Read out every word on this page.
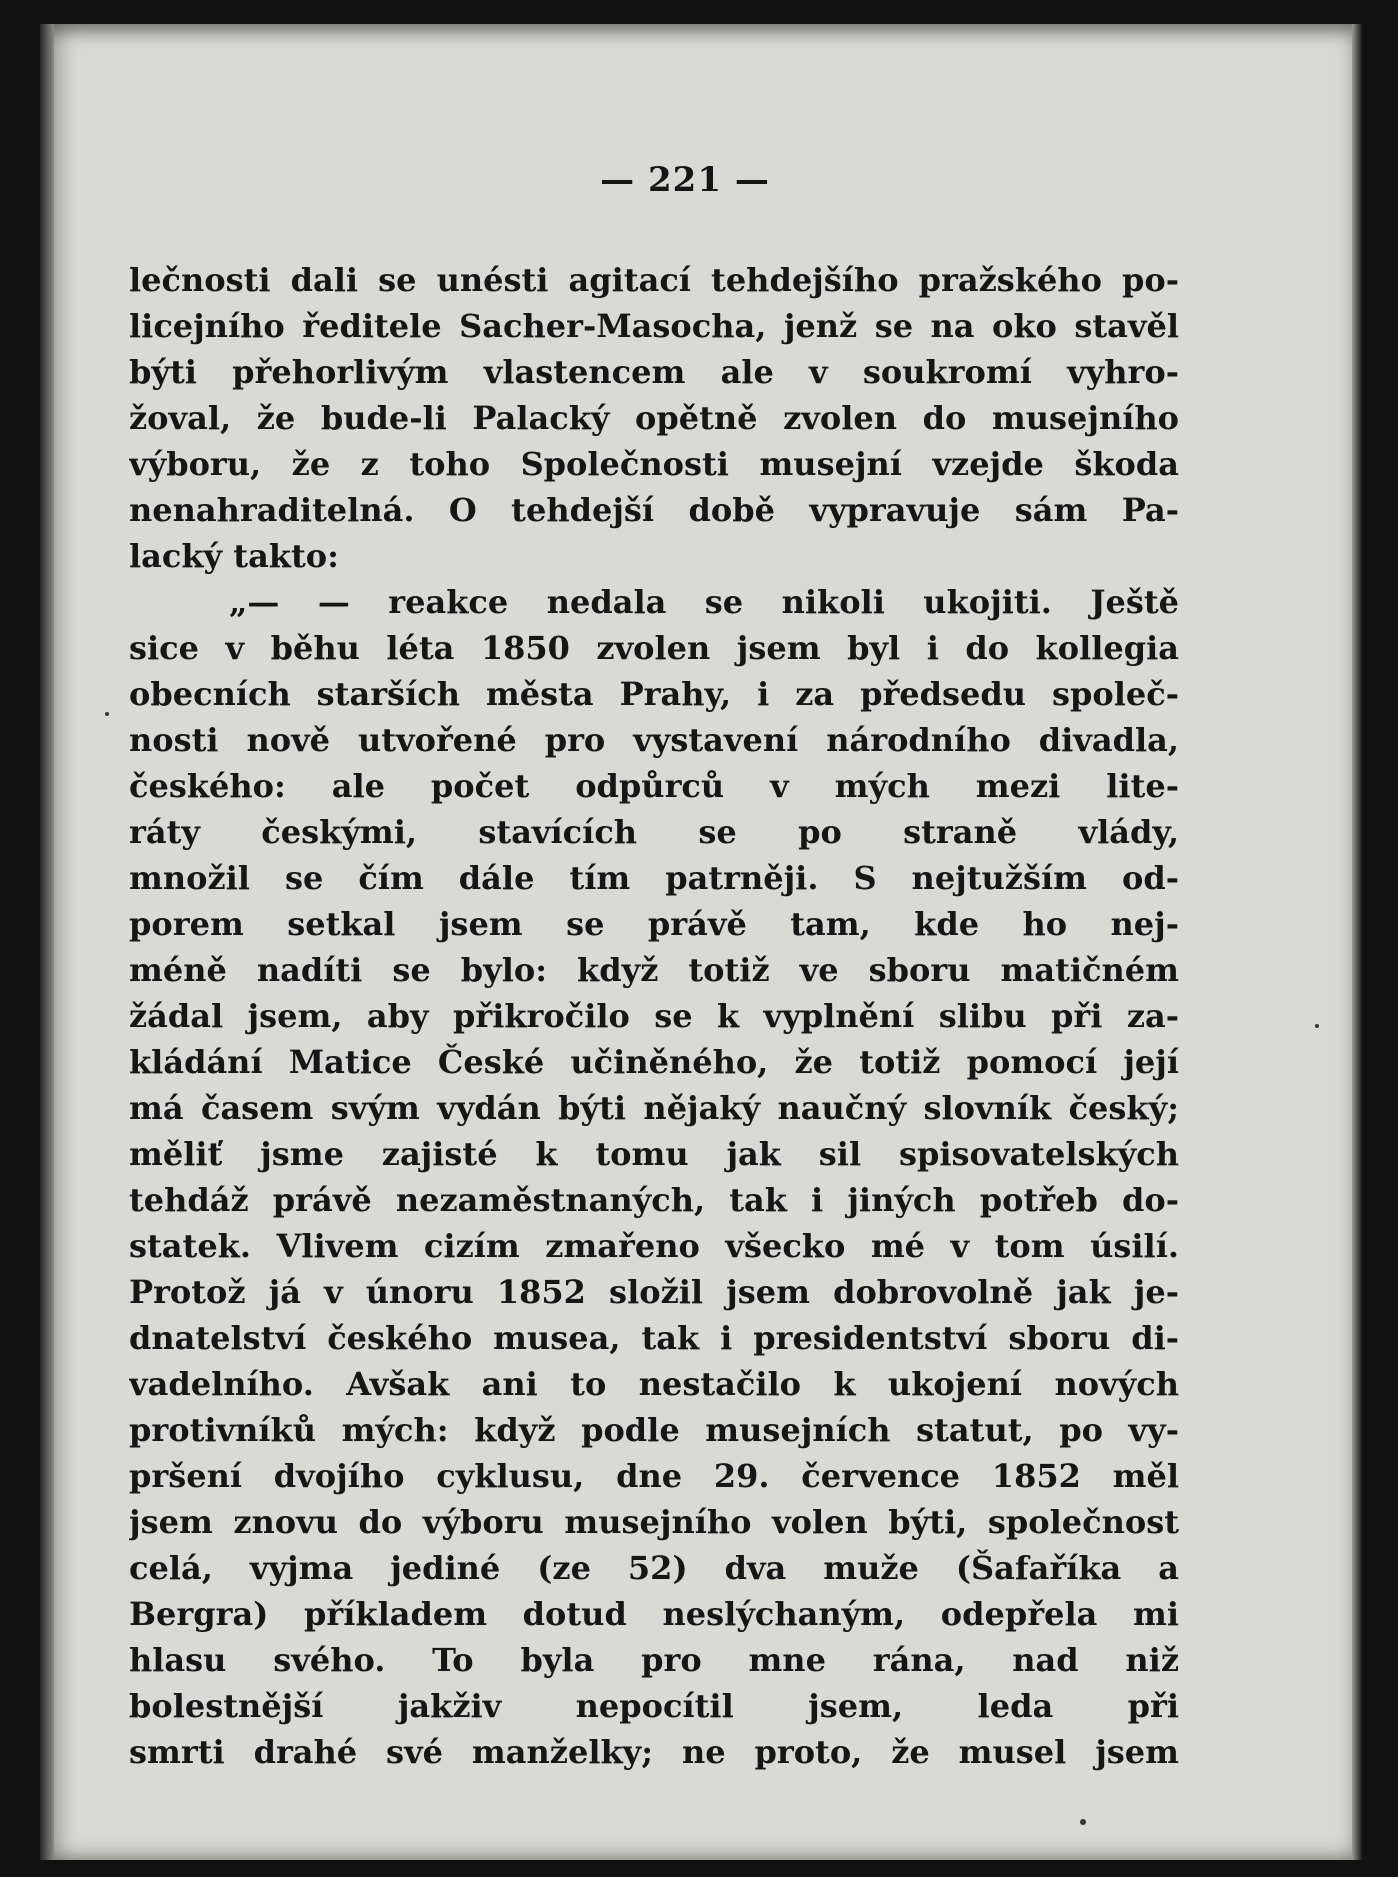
— 221 —
lečnosti dali se unésti agitací tehdejšího pražského po-
licejního ředitele Sacher-Masocha, jenž se na oko stavěl
býti přehorlivým vlastencem ale v soukromí vyhro-
žoval, že bude-li Palacký opětně zvolen do musejního
výboru, že z toho Společnosti musejní vzejde škoda
nenahraditelná. O tehdejší době vypravuje sám Pa-
lacký takto:
„— — reakce nedala se nikoli ukojiti. Ještě
sice v běhu léta 1850 zvolen jsem byl i do kollegia
obecních starších města Prahy, i za předsedu společ-
nosti nově utvořené pro vystavení národního divadla,
českého: ale počet odpůrců v mých mezi lite-
ráty českými, stavících se po straně vlády,
množil se čím dále tím patrněji. S nejtužším od-
porem setkal jsem se právě tam, kde ho nej-
méně nadíti se bylo: když totiž ve sboru matičném
žádal jsem, aby přikročilo se k vyplnění slibu při za-
kládání Matice České učiněného, že totiž pomocí její
má časem svým vydán býti nějaký naučný slovník český;
měliť jsme zajisté k tomu jak sil spisovatelských
tehdáž právě nezaměstnaných, tak i jiných potřeb do-
statek. Vlivem cizím zmařeno všecko mé v tom úsilí.
Protož já v únoru 1852 složil jsem dobrovolně jak je-
dnatelství českého musea, tak i presidentství sboru di-
vadelního. Avšak ani to nestačilo k ukojení nových
protivníků mých: když podle musejních statut, po vy-
pršení dvojího cyklusu, dne 29. července 1852 měl
jsem znovu do výboru musejního volen býti, společnost
celá, vyjma jediné (ze 52) dva muže (Šafaříka a
Bergra) příkladem dotud neslýchaným, odepřela mi
hlasu svého. To byla pro mne rána, nad niž
bolestnější jakživ nepocítil jsem, leda při
smrti drahé své manželky; ne proto, že musel jsem
